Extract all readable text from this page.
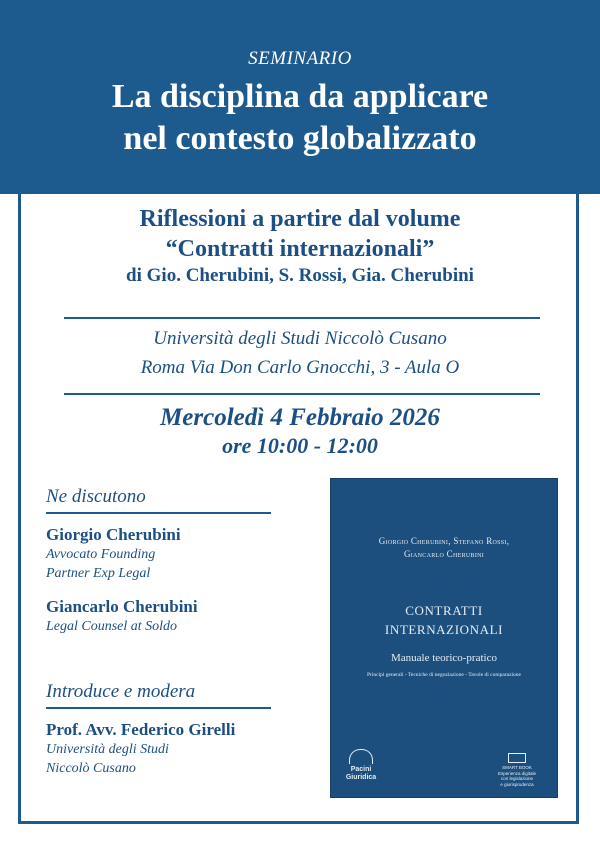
SEMINARIO
La disciplina da applicare
nel contesto globalizzato
Riflessioni a partire dal volume
“Contratti internazionali”
di Gio. Cherubini, S. Rossi, Gia. Cherubini
Università degli Studi Niccolò Cusano
Roma Via Don Carlo Gnocchi, 3 - Aula O
Mercoledì 4 Febbraio 2026
ore 10:00 - 12:00
Ne discutono
Giorgio Cherubini
Avvocato Founding
Partner Exp Legal
Giancarlo Cherubini
Legal Counsel at Soldo
Introduce e modera
Prof. Avv. Federico Girelli
Università degli Studi
Niccolò Cusano
Giorgio Cherubini, Stefano Rossi,
Giancarlo Cherubini
CONTRATTI
INTERNAZIONALI
Manuale teorico-pratico
Principi generali - Tecniche di negoziazione - Tavole di comparazione
Pacini
Giuridica
SMART BOOK
Esperienza digitale
con legislazione
e giurisprudenza
